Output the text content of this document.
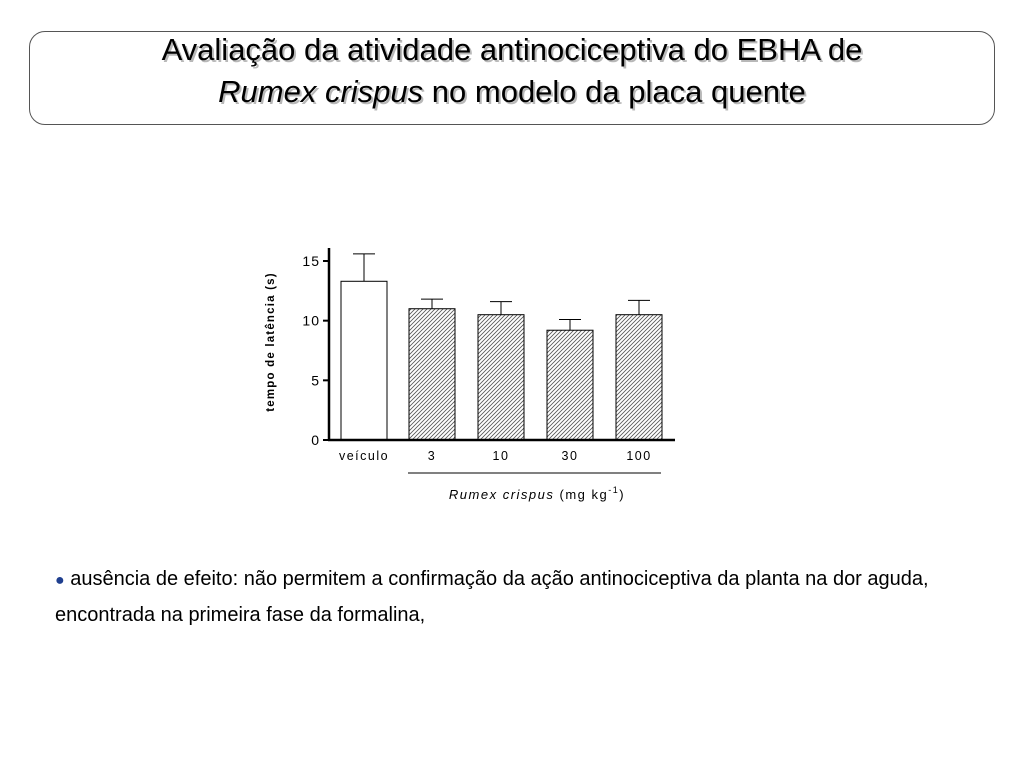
Avaliação da atividade antinociceptiva do EBHA de
Rumex crispus no modelo da placa quente
veículo	3	10	30	100
0
5
10
15
tempo de latência (s)
Rumex crispus (mg $kg^{-1}$)
● ausência de efeito: não permitem a confirmação da ação antinociceptiva da planta na dor aguda, encontrada na primeira fase da formalina,
